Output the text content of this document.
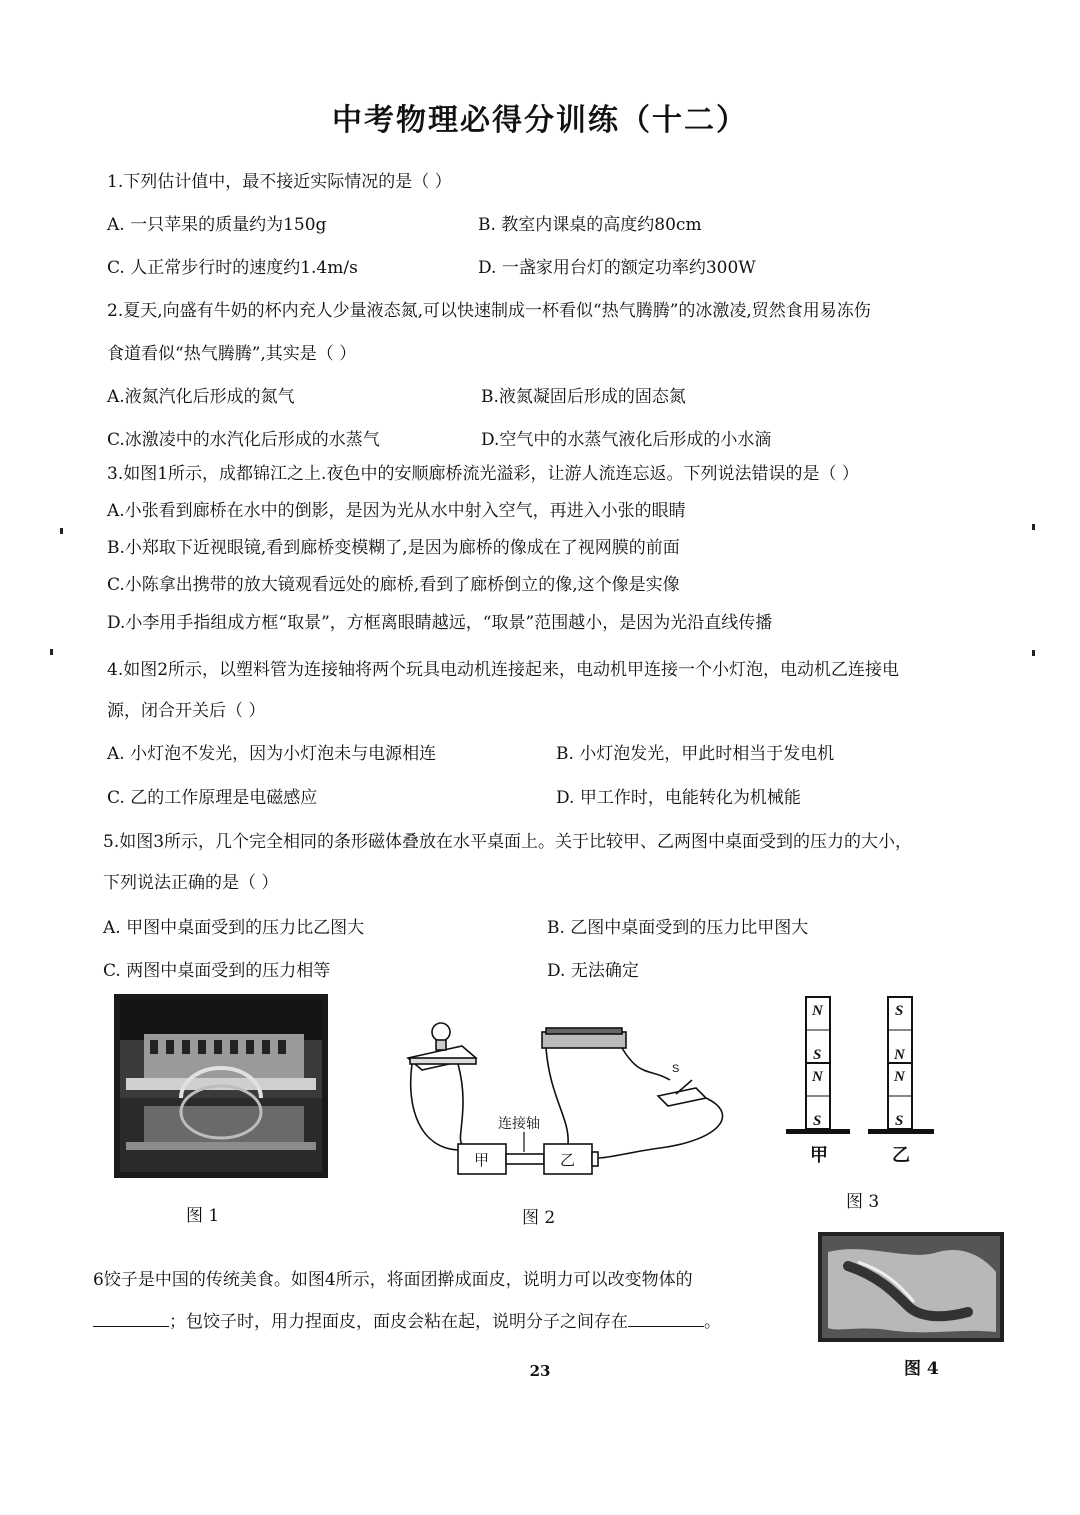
中考物理必得分训练（十二）
1.下列估计值中，最不接近实际情况的是（ ）
A. 一只苹果的质量约为150g	B. 教室内课桌的高度约80cm
C. 人正常步行时的速度约1.4m/s	D. 一盏家用台灯的额定功率约300W
2.夏天,向盛有牛奶的杯内充人少量液态氮,可以快速制成一杯看似“热气腾腾”的冰激凌,贸然食用易冻伤
食道看似“热气腾腾”,其实是（ ）
A.液氮汽化后形成的氮气	B.液氮凝固后形成的固态氮
C.冰激凌中的水汽化后形成的水蒸气	D.空气中的水蒸气液化后形成的小水滴
3.如图1所示，成都锦江之上.夜色中的安顺廊桥流光溢彩，让游人流连忘返。下列说法错误的是（ ）
A.小张看到廊桥在水中的倒影，是因为光从水中射入空气，再进入小张的眼睛
B.小郑取下近视眼镜,看到廊桥变模糊了,是因为廊桥的像成在了视网膜的前面
C.小陈拿出携带的放大镜观看远处的廊桥,看到了廊桥倒立的像,这个像是实像
D.小李用手指组成方框“取景”，方框离眼睛越远，“取景”范围越小，是因为光沿直线传播
4.如图2所示，以塑料管为连接轴将两个玩具电动机连接起来，电动机甲连接一个小灯泡，电动机乙连接电
源，闭合开关后（ ）
A. 小灯泡不发光，因为小灯泡未与电源相连	B. 小灯泡发光，甲此时相当于发电机
C. 乙的工作原理是电磁感应	D. 甲工作时，电能转化为机械能
5.如图3所示，几个完全相同的条形磁体叠放在水平桌面上。关于比较甲、乙两图中桌面受到的压力的大小，
下列说法正确的是（ ）
A. 甲图中桌面受到的压力比乙图大	B. 乙图中桌面受到的压力比甲图大
C. 两图中桌面受到的压力相等	D. 无法确定
S
连接轴
甲	乙
N
S
N
S
S
N
N
S
甲	乙
图 1	图 2
图 3
6饺子是中国的传统美食。如图4所示，将面团擀成面皮，说明力可以改变物体的
；包饺子时，用力捏面皮，面皮会粘在起，说明分子之间存在	。
图 4
23
